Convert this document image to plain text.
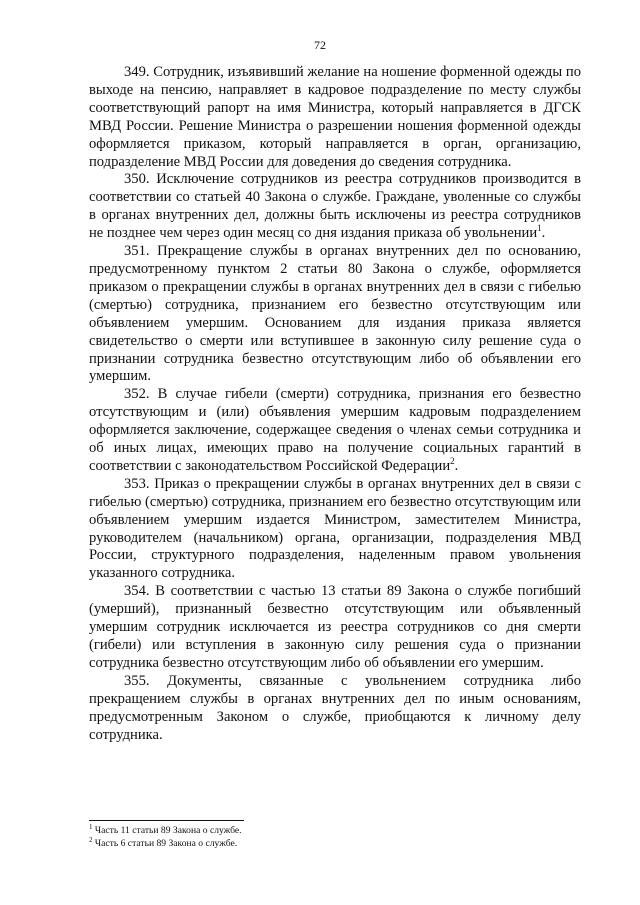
72

349. Сотрудник, изъявивший желание на ношение форменной одежды по выходе на пенсию, направляет в кадровое подразделение по месту службы соответствующий рапорт на имя Министра, который направляется в ДГСК МВД России. Решение Министра о разрешении ношения форменной одежды оформляется приказом, который направляется в орган, организацию, подразделение МВД России для доведения до сведения сотрудника.

350. Исключение сотрудников из реестра сотрудников производится в соответствии со статьей 40 Закона о службе. Граждане, уволенные со службы в органах внутренних дел, должны быть исключены из реестра сотрудников не позднее чем через один месяц со дня издания приказа об увольнении$^1$.

351. Прекращение службы в органах внутренних дел по основанию, предусмотренному пунктом 2 статьи 80 Закона о службе, оформляется приказом о прекращении службы в органах внутренних дел в связи с гибелью (смертью) сотрудника, признанием его безвестно отсутствующим или объявлением умершим. Основанием для издания приказа является свидетельство о смерти или вступившее в законную силу решение суда о признании сотрудника безвестно отсутствующим либо об объявлении его умершим.

352. В случае гибели (смерти) сотрудника, признания его безвестно отсутствующим и (или) объявления умершим кадровым подразделением оформляется заключение, содержащее сведения о членах семьи сотрудника и об иных лицах, имеющих право на получение социальных гарантий в соответствии с законодательством Российской Федерации$^2$.

353. Приказ о прекращении службы в органах внутренних дел в связи с гибелью (смертью) сотрудника, признанием его безвестно отсутствующим или объявлением умершим издается Министром, заместителем Министра, руководителем (начальником) органа, организации, подразделения МВД России, структурного подразделения, наделенным правом увольнения указанного сотрудника.

354. В соответствии с частью 13 статьи 89 Закона о службе погибший (умерший), признанный безвестно отсутствующим или объявленный умершим сотрудник исключается из реестра сотрудников со дня смерти (гибели) или вступления в законную силу решения суда о признании сотрудника безвестно отсутствующим либо об объявлении его умершим.

355. Документы, связанные с увольнением сотрудника либо прекращением службы в органах внутренних дел по иным основаниям, предусмотренным Законом о службе, приобщаются к личному делу сотрудника.

$^1$ Часть 11 статьи 89 Закона о службе.
$^2$ Часть 6 статьи 89 Закона о службе.
